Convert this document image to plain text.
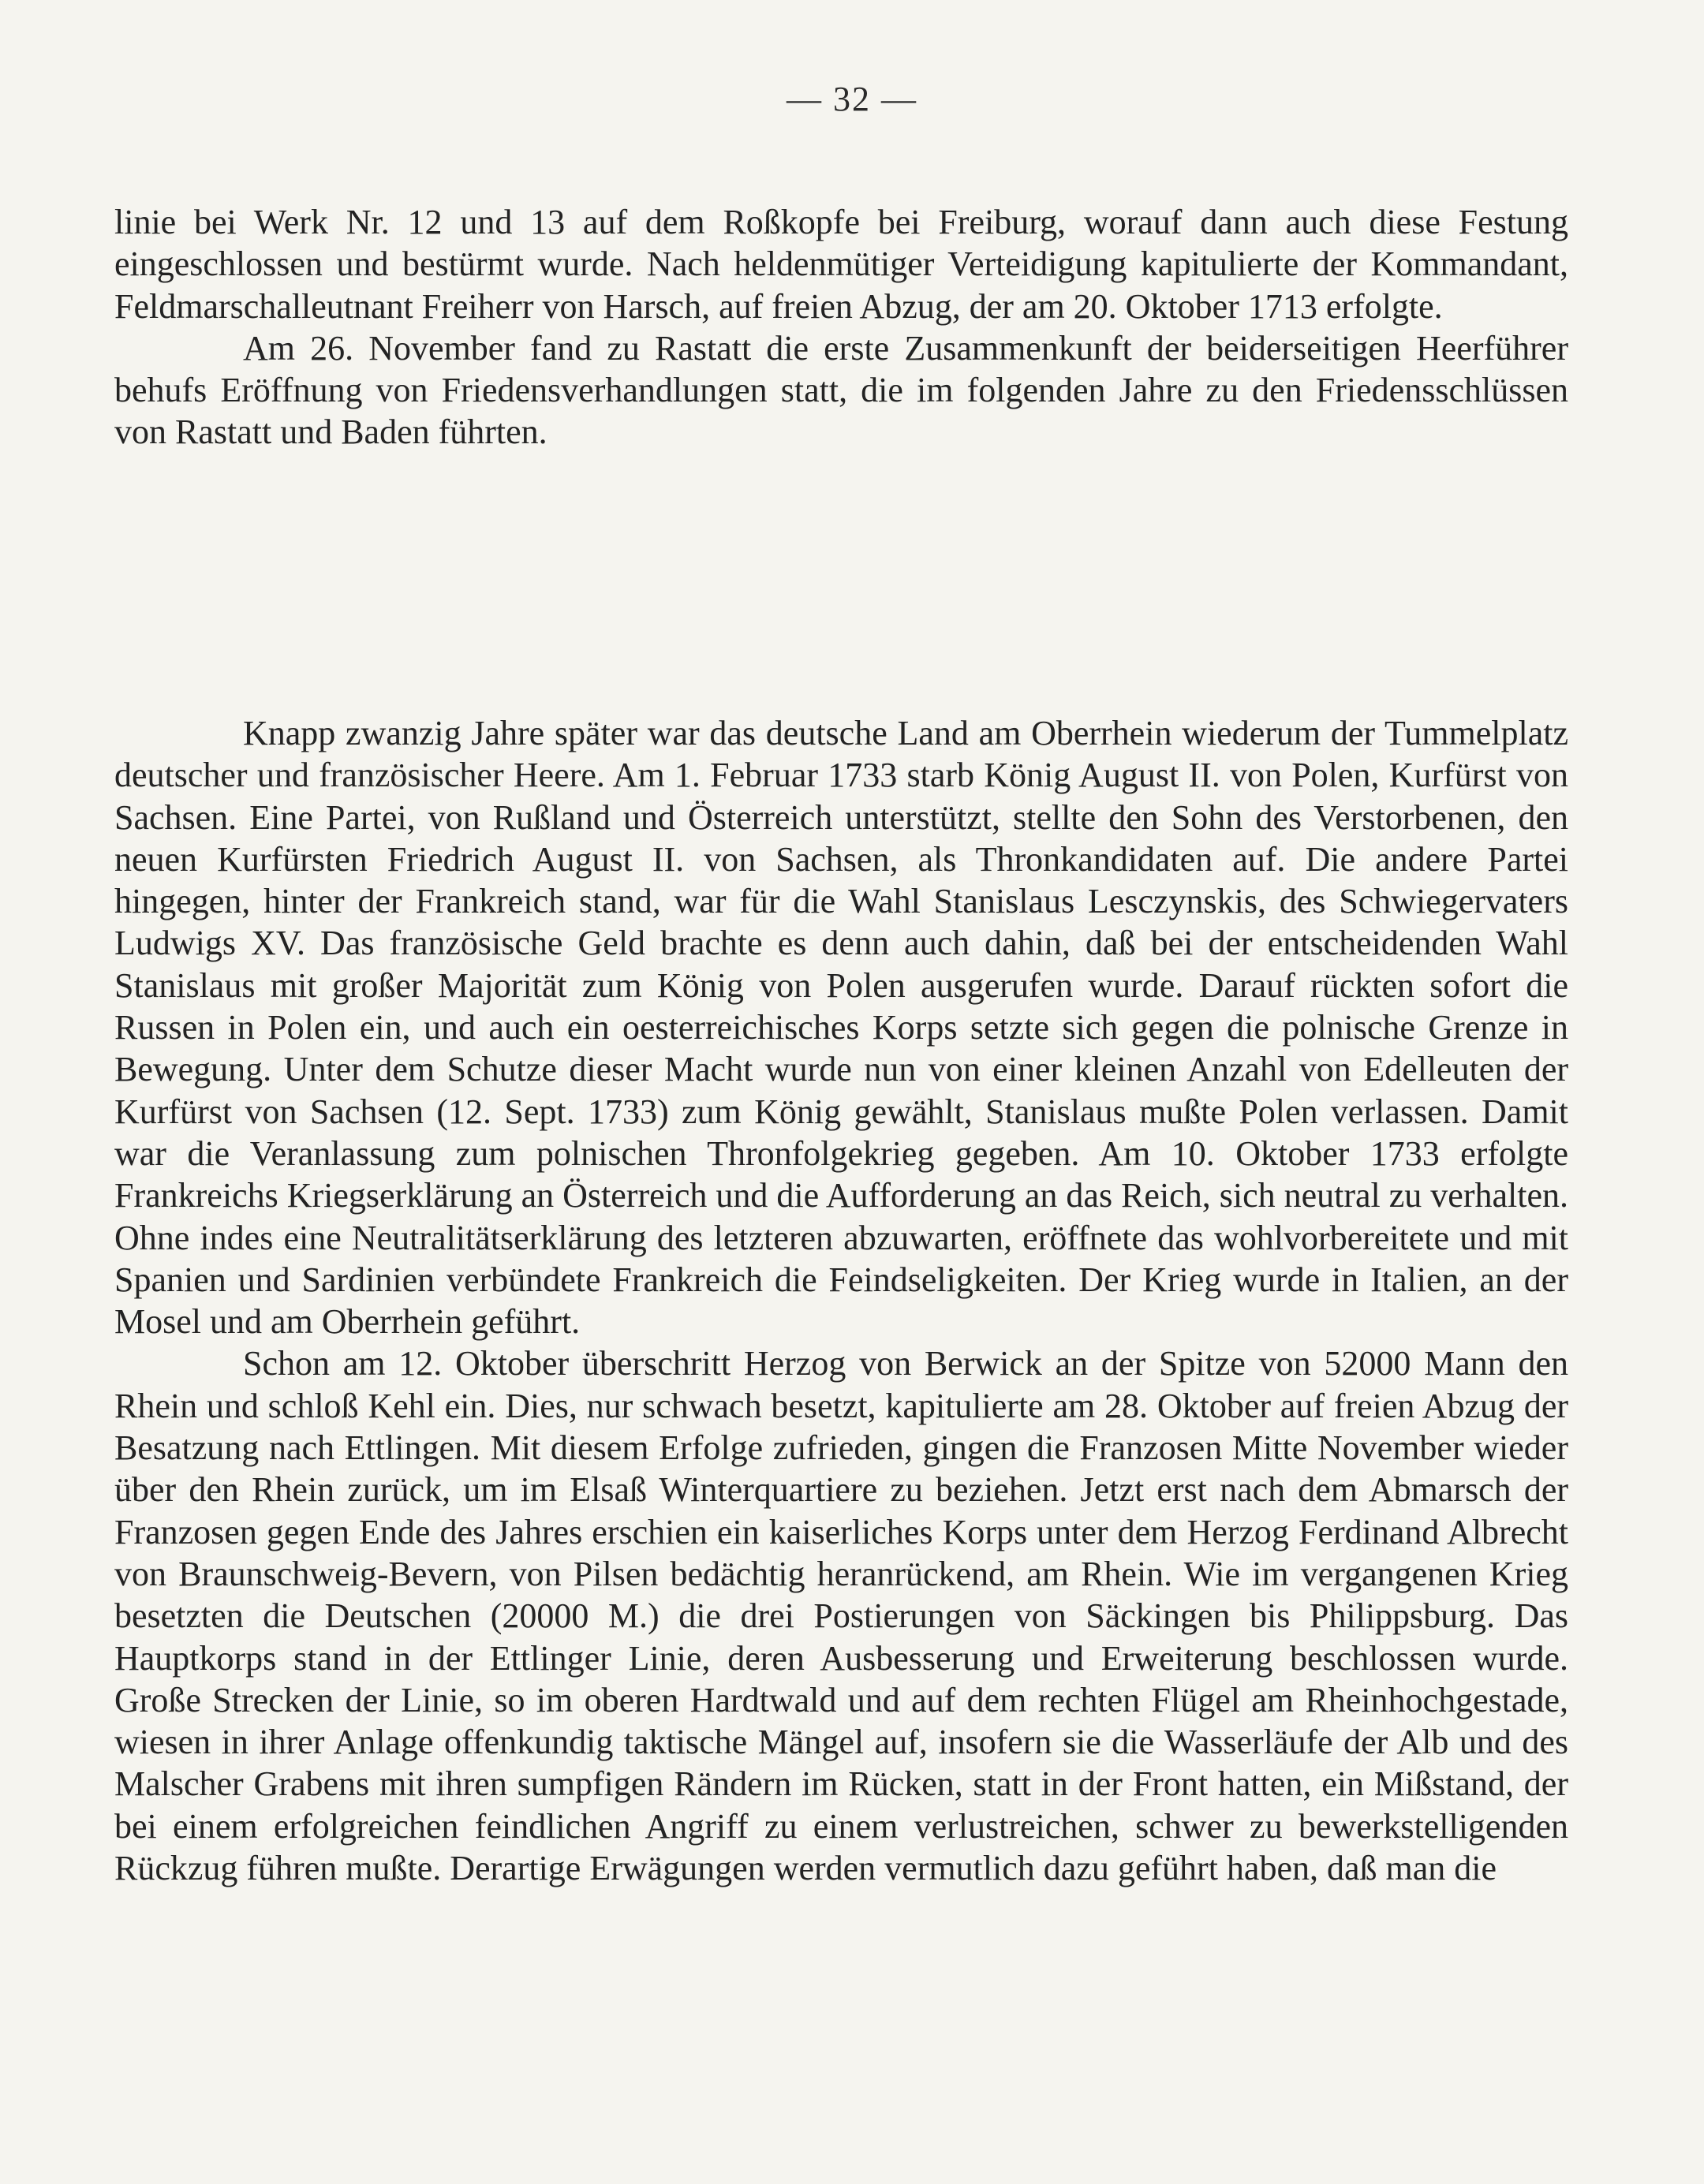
— 32 —

linie bei Werk Nr. 12 und 13 auf dem Roßkopfe bei Freiburg, worauf dann auch diese Festung eingeschlossen und bestürmt wurde. Nach heldenmütiger Verteidigung kapitulierte der Kommandant, Feldmarschalleutnant Freiherr von Harsch, auf freien Abzug, der am 20. Oktober 1713 erfolgte.

Am 26. November fand zu Rastatt die erste Zusammenkunft der beiderseitigen Heerführer behufs Eröffnung von Friedensverhandlungen statt, die im folgenden Jahre zu den Friedensschlüssen von Rastatt und Baden führten.

Knapp zwanzig Jahre später war das deutsche Land am Oberrhein wiederum der Tummelplatz deutscher und französischer Heere. Am 1. Februar 1733 starb König August II. von Polen, Kurfürst von Sachsen. Eine Partei, von Rußland und Österreich unterstützt, stellte den Sohn des Verstorbenen, den neuen Kurfürsten Friedrich August II. von Sachsen, als Thronkandidaten auf. Die andere Partei hingegen, hinter der Frankreich stand, war für die Wahl Stanislaus Lesczynskis, des Schwiegervaters Ludwigs XV. Das französische Geld brachte es denn auch dahin, daß bei der entscheidenden Wahl Stanislaus mit großer Majorität zum König von Polen ausgerufen wurde. Darauf rückten sofort die Russen in Polen ein, und auch ein oesterreichisches Korps setzte sich gegen die polnische Grenze in Bewegung. Unter dem Schutze dieser Macht wurde nun von einer kleinen Anzahl von Edelleuten der Kurfürst von Sachsen (12. Sept. 1733) zum König gewählt, Stanislaus mußte Polen verlassen. Damit war die Veranlassung zum polnischen Thronfolgekrieg gegeben. Am 10. Oktober 1733 erfolgte Frankreichs Kriegserklärung an Österreich und die Aufforderung an das Reich, sich neutral zu verhalten. Ohne indes eine Neutralitätserklärung des letzteren abzuwarten, eröffnete das wohlvorbereitete und mit Spanien und Sardinien verbündete Frankreich die Feindseligkeiten. Der Krieg wurde in Italien, an der Mosel und am Oberrhein geführt.

Schon am 12. Oktober überschritt Herzog von Berwick an der Spitze von 52000 Mann den Rhein und schloß Kehl ein. Dies, nur schwach besetzt, kapitulierte am 28. Oktober auf freien Abzug der Besatzung nach Ettlingen. Mit diesem Erfolge zufrieden, gingen die Franzosen Mitte November wieder über den Rhein zurück, um im Elsaß Winterquartiere zu beziehen. Jetzt erst nach dem Abmarsch der Franzosen gegen Ende des Jahres erschien ein kaiserliches Korps unter dem Herzog Ferdinand Albrecht von Braunschweig-Bevern, von Pilsen bedächtig heranrückend, am Rhein. Wie im vergangenen Krieg besetzten die Deutschen (20000 M.) die drei Postierungen von Säckingen bis Philippsburg. Das Hauptkorps stand in der Ettlinger Linie, deren Ausbesserung und Erweiterung beschlossen wurde. Große Strecken der Linie, so im oberen Hardtwald und auf dem rechten Flügel am Rheinhochgestade, wiesen in ihrer Anlage offenkundig taktische Mängel auf, insofern sie die Wasserläufe der Alb und des Malscher Grabens mit ihren sumpfigen Rändern im Rücken, statt in der Front hatten, ein Mißstand, der bei einem erfolgreichen feindlichen Angriff zu einem verlustreichen, schwer zu bewerkstelligenden Rückzug führen mußte. Derartige Erwägungen werden vermutlich dazu geführt haben, daß man die
